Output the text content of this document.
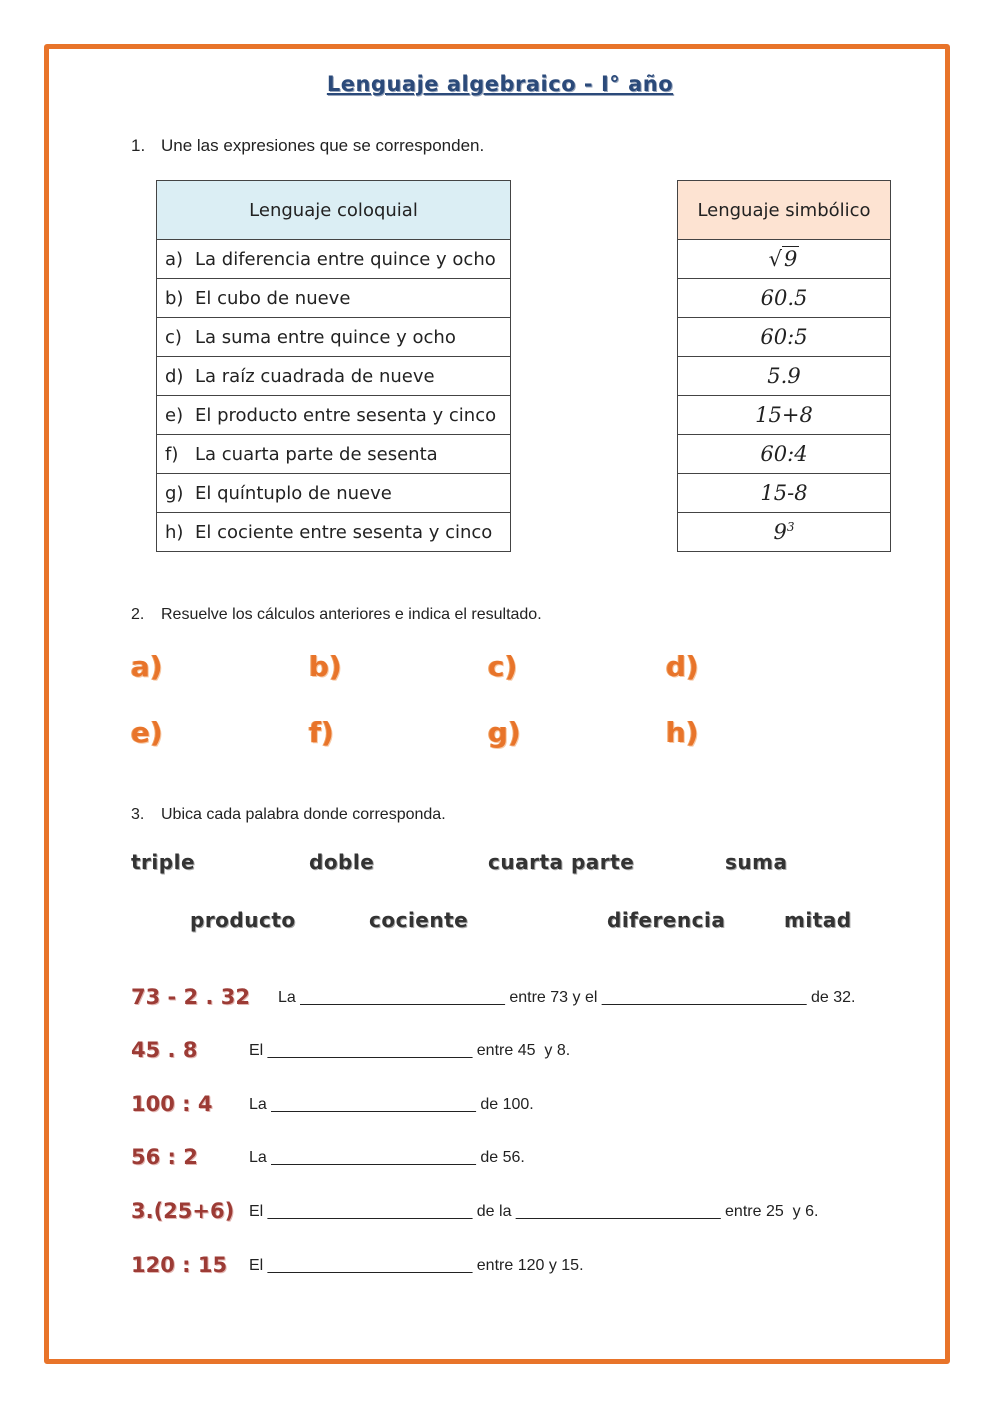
Lenguaje algebraico - I° año
1. Une las expresiones que se corresponden.
Lenguaje coloquial
a) La diferencia entre quince y ocho
b) El cubo de nueve
c) La suma entre quince y ocho
d) La raíz cuadrada de nueve
e) El producto entre sesenta y cinco
f) La cuarta parte de sesenta
g) El quíntuplo de nueve
h) El cociente entre sesenta y cinco
Lenguaje simbólico
√9
60.5
60:5
5.9
15+8
60:4
15-8
$9^3$
2. Resuelve los cálculos anteriores e indica el resultado.
a)	b)	c)	d)
e)	f)	g)	h)
3. Ubica cada palabra donde corresponda.
triple	doble	cuarta parte	suma
producto	cociente	diferencia	mitad
73 - 2 . 32 La _______________________ entre 73 y el _______________________ de 32.
45 . 8	El _______________________ entre 45  y 8.
100 : 4 La _______________________ de 100.
56 : 2	La _______________________ de 56.
3.(25+6) El _______________________ de la _______________________ entre 25  y 6.
120 : 15 El _______________________ entre 120 y 15.
